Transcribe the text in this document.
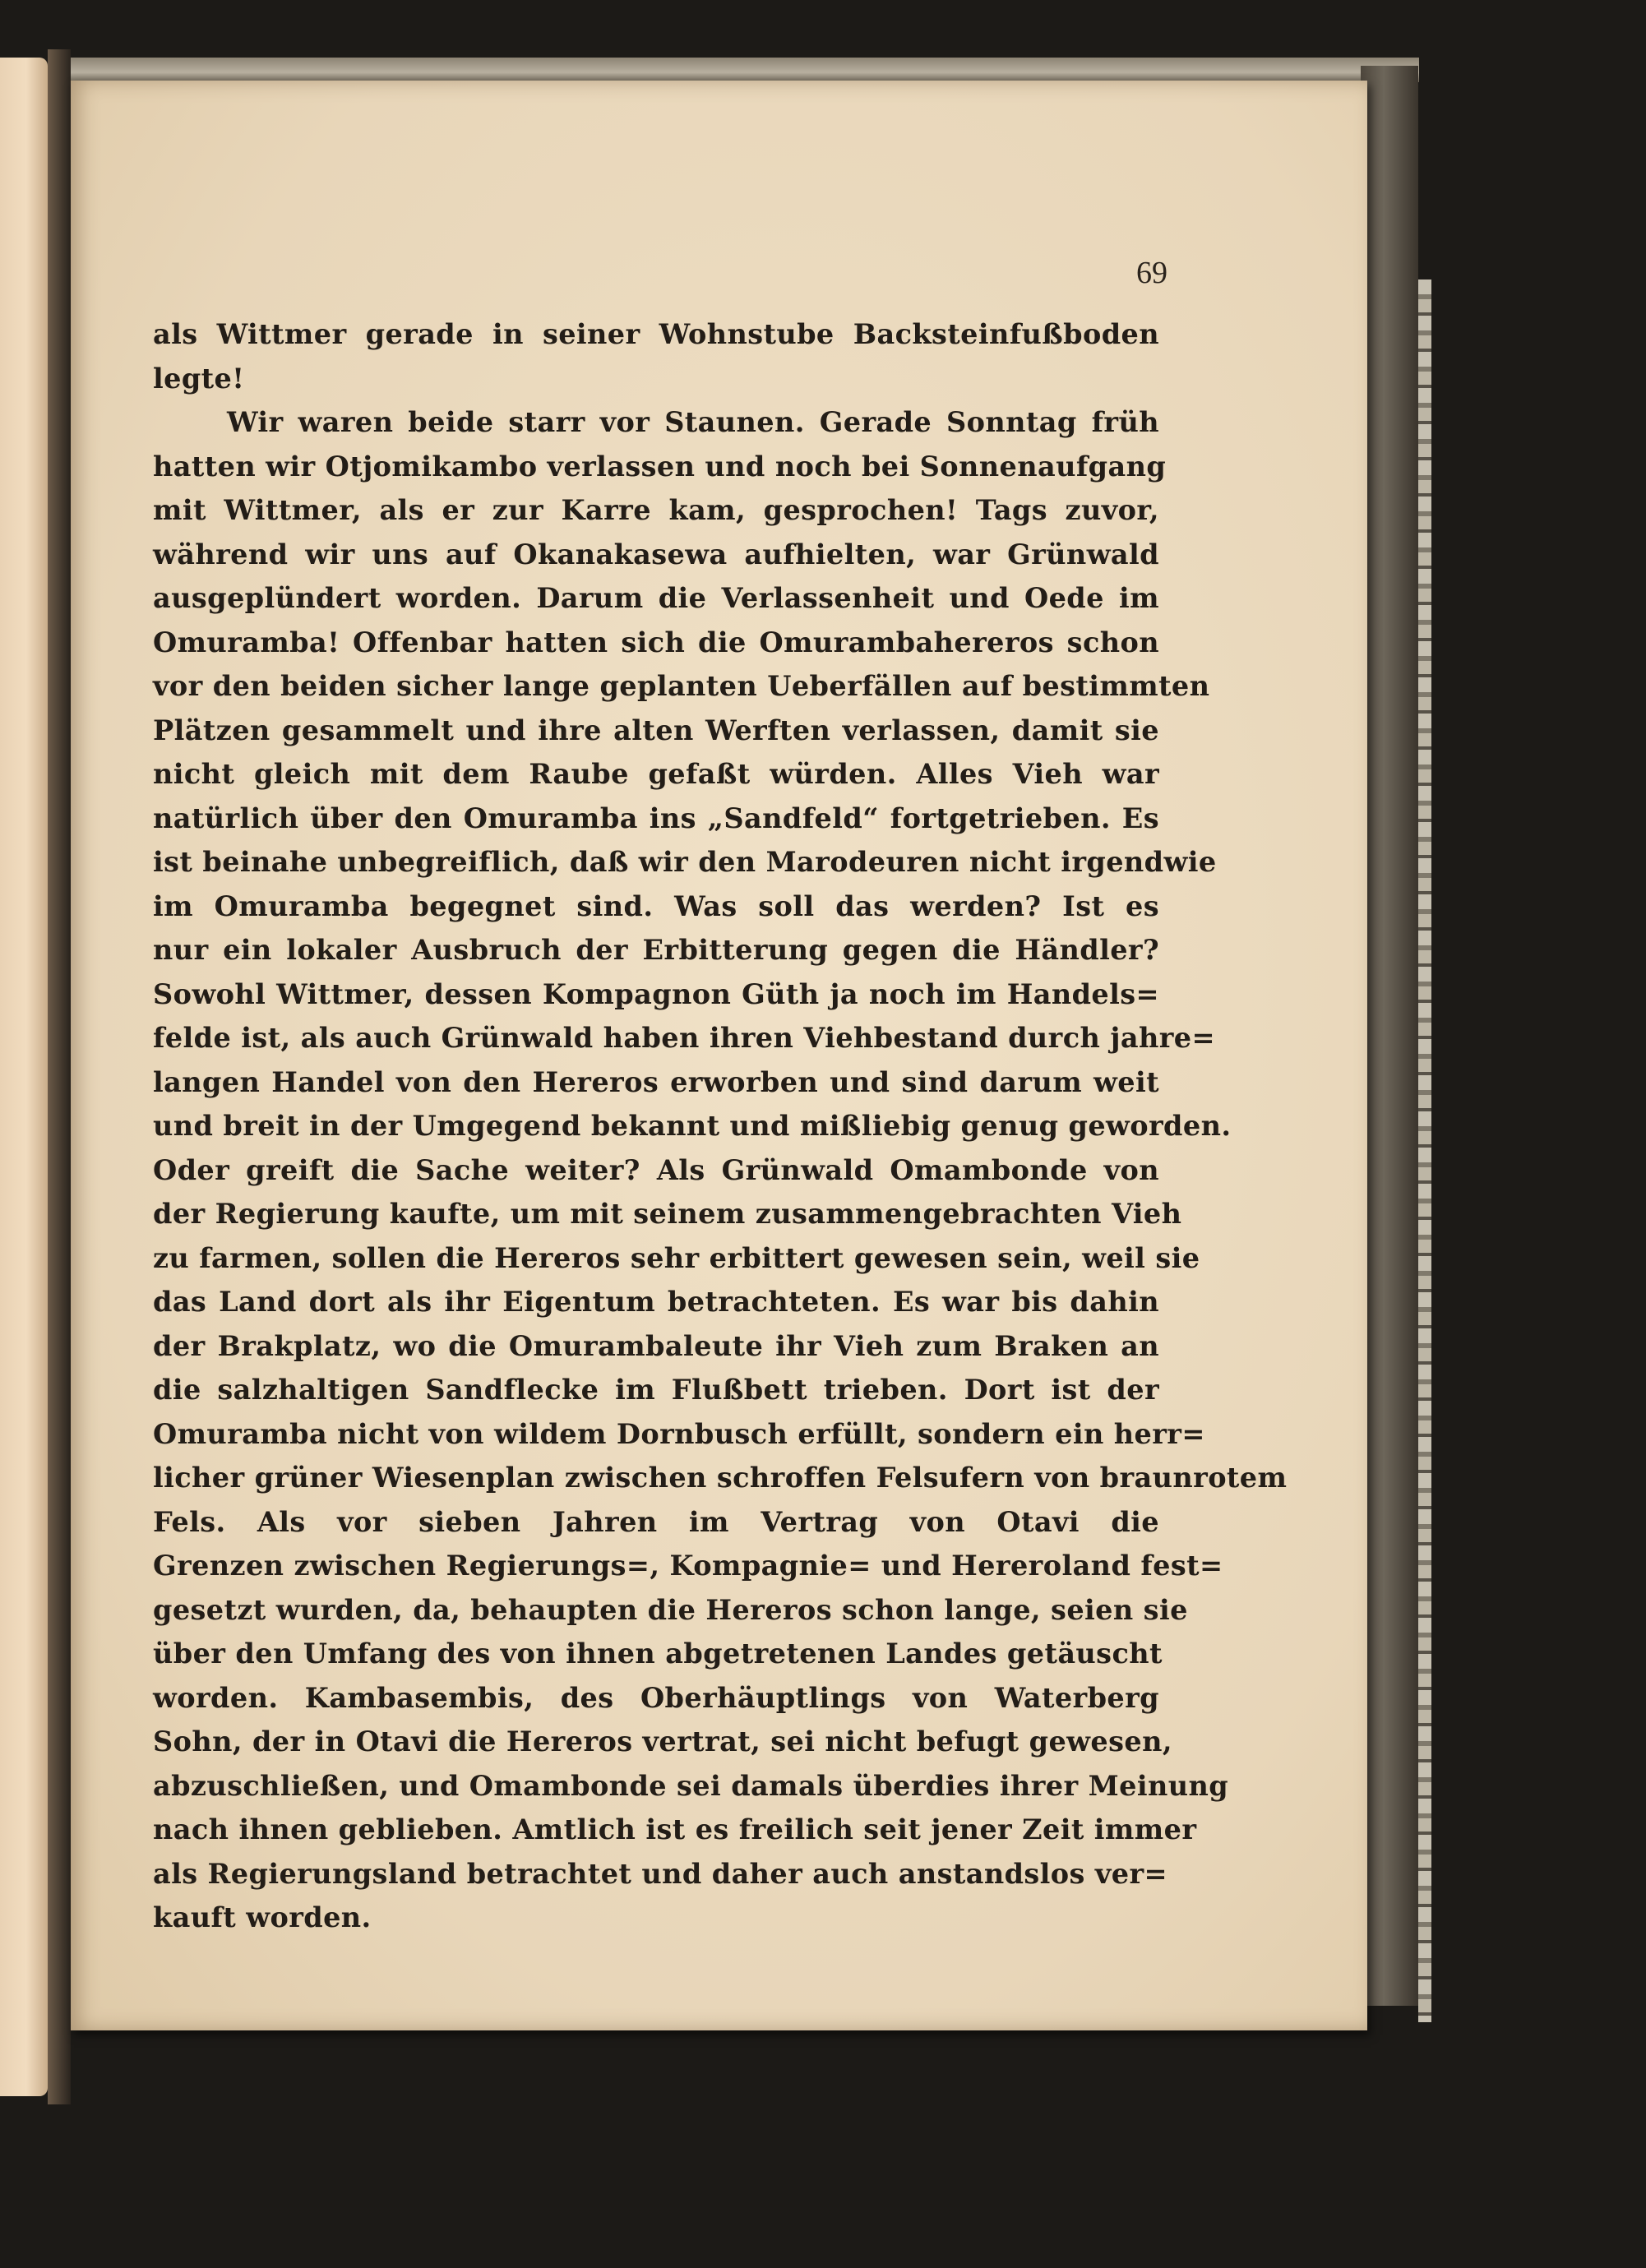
69
als Wittmer gerade in seiner Wohnstube Backsteinfußboden
legte!
Wir waren beide starr vor Staunen. Gerade Sonntag früh
hatten wir Otjomikambo verlassen und noch bei Sonnenaufgang
mit Wittmer, als er zur Karre kam, gesprochen! Tags zuvor,
während wir uns auf Okanakasewa aufhielten, war Grünwald
ausgeplündert worden. Darum die Verlassenheit und Oede im
Omuramba! Offenbar hatten sich die Omurambahereros schon
vor den beiden sicher lange geplanten Ueberfällen auf bestimmten
Plätzen gesammelt und ihre alten Werften verlassen, damit sie
nicht gleich mit dem Raube gefaßt würden. Alles Vieh war
natürlich über den Omuramba ins „Sandfeld“ fortgetrieben. Es
ist beinahe unbegreiflich, daß wir den Marodeuren nicht irgendwie
im Omuramba begegnet sind. Was soll das werden? Ist es
nur ein lokaler Ausbruch der Erbitterung gegen die Händler?
Sowohl Wittmer, dessen Kompagnon Güth ja noch im Handels=
felde ist, als auch Grünwald haben ihren Viehbestand durch jahre=
langen Handel von den Hereros erworben und sind darum weit
und breit in der Umgegend bekannt und mißliebig genug geworden.
Oder greift die Sache weiter? Als Grünwald Omambonde von
der Regierung kaufte, um mit seinem zusammengebrachten Vieh
zu farmen, sollen die Hereros sehr erbittert gewesen sein, weil sie
das Land dort als ihr Eigentum betrachteten. Es war bis dahin
der Brakplatz, wo die Omurambaleute ihr Vieh zum Braken an
die salzhaltigen Sandflecke im Flußbett trieben. Dort ist der
Omuramba nicht von wildem Dornbusch erfüllt, sondern ein herr=
licher grüner Wiesenplan zwischen schroffen Felsufern von braunrotem
Fels. Als vor sieben Jahren im Vertrag von Otavi die
Grenzen zwischen Regierungs=, Kompagnie= und Hereroland fest=
gesetzt wurden, da, behaupten die Hereros schon lange, seien sie
über den Umfang des von ihnen abgetretenen Landes getäuscht
worden. Kambasembis, des Oberhäuptlings von Waterberg
Sohn, der in Otavi die Hereros vertrat, sei nicht befugt gewesen,
abzuschließen, und Omambonde sei damals überdies ihrer Meinung
nach ihnen geblieben. Amtlich ist es freilich seit jener Zeit immer
als Regierungsland betrachtet und daher auch anstandslos ver=
kauft worden.
